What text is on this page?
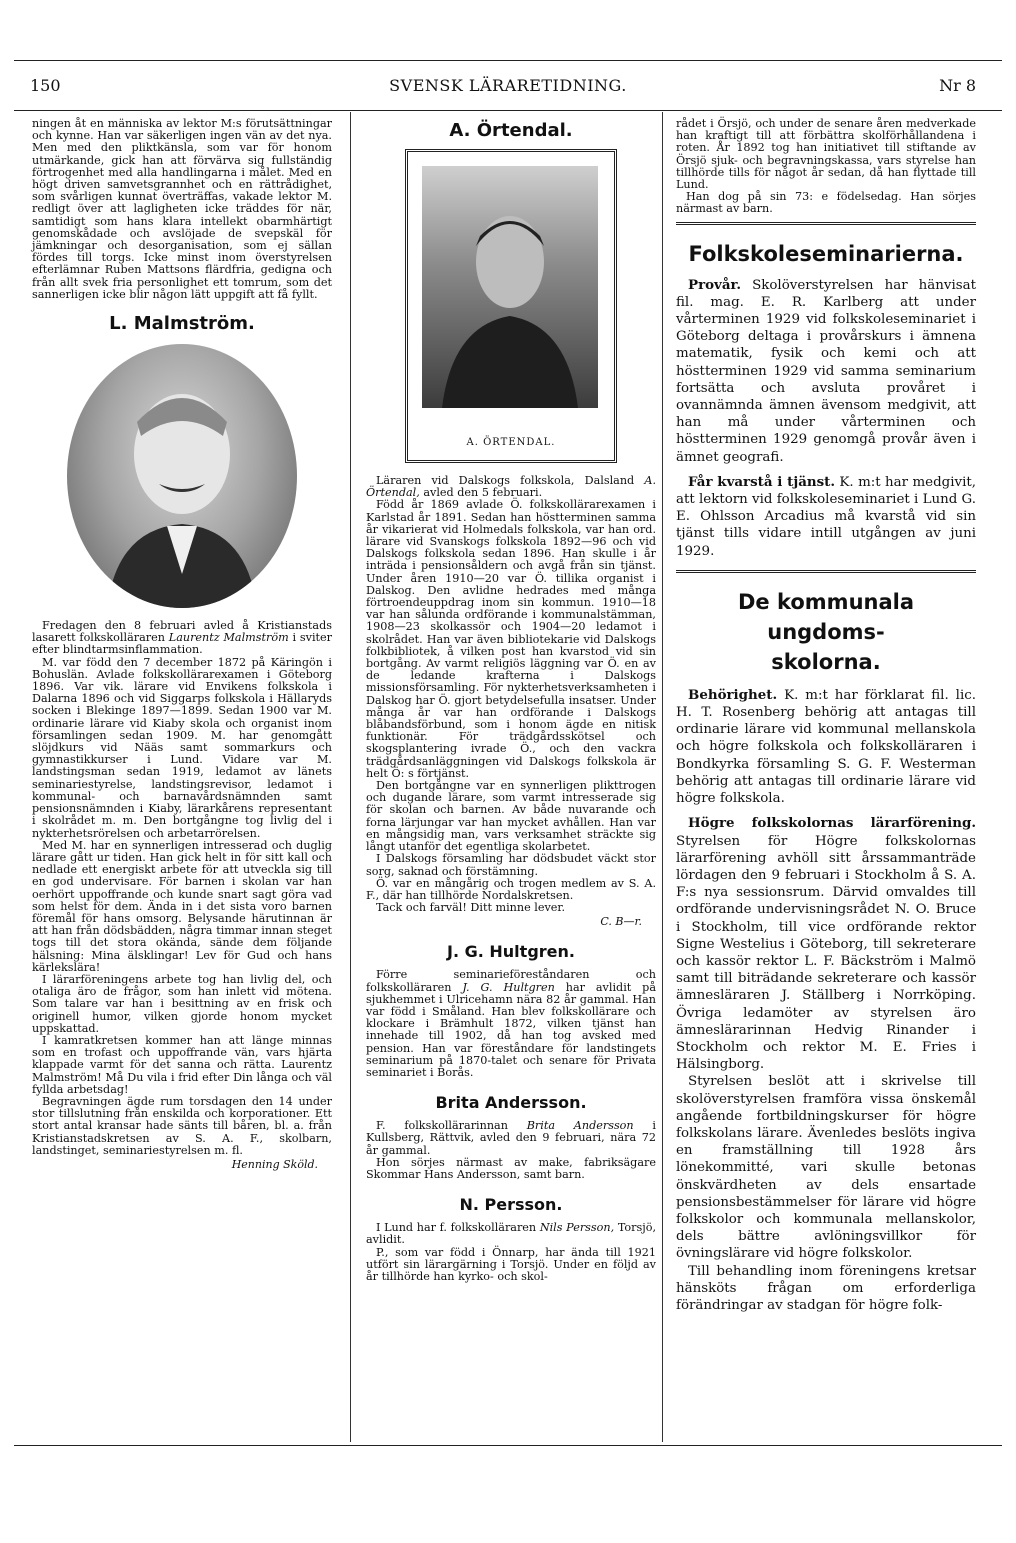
150	SVENSK LÄRARETIDNING.	Nr 8

ningen åt en människa av lektor M:s förutsättningar och kynne. Han var säkerligen ingen vän av det nya. Men med den pliktkänsla, som var för honom utmärkande, gick han att förvärva sig fullständig förtrogenhet med alla handlingarna i målet. Med en högt driven samvetsgrannhet och en rättrådighet, som svårligen kunnat överträffas, vakade lektor M. redligt över att lagligheten icke träddes för när, samtidigt som hans klara intellekt obarmhärtigt genomskådade och avslöjade de svepskäl för jämkningar och desorganisation, som ej sällan fördes till torgs. Icke minst inom överstyrelsen efterlämnar Ruben Mattsons flärdfria, gedigna och från allt svek fria personlighet ett tomrum, som det sannerligen icke blir någon lätt uppgift att få fyllt.

L. Malmström.

Fredagen den 8 februari avled å Kristianstads lasarett folkskolläraren Laurentz Malmström i sviter efter blindtarmsinflammation.

M. var född den 7 december 1872 på Käringön i Bohuslän. Avlade folkskollärarexamen i Göteborg 1896. Var vik. lärare vid Envikens folkskola i Dalarna 1896 och vid Siggarps folkskola i Hällaryds socken i Blekinge 1897—1899. Sedan 1900 var M. ordinarie lärare vid Kiaby skola och organist inom församlingen sedan 1909. M. har genomgått slöjdkurs vid Nääs samt sommarkurs och gymnastikkurser i Lund. Vidare var M. landstingsman sedan 1919, ledamot av länets seminariestyrelse, landstingsrevisor, ledamot i kommunal- och barnavårdsnämnden samt pensionsnämnden i Kiaby, lärarkårens representant i skolrådet m. m. Den bortgångne tog livlig del i nykterhetsrörelsen och arbetarrörelsen.

Med M. har en synnerligen intresserad och duglig lärare gått ur tiden. Han gick helt in för sitt kall och nedlade ett energiskt arbete för att utveckla sig till en god undervisare. För barnen i skolan var han oerhört uppoffrande och kunde snart sagt göra vad som helst för dem. Ända in i det sista voro barnen föremål för hans omsorg. Belysande härutinnan är att han från dödsbädden, några timmar innan steget togs till det stora okända, sände dem följande hälsning: Mina älsklingar! Lev för Gud och hans kärlekslära!

I lärarföreningens arbete tog han livlig del, och otaliga äro de frågor, som han inlett vid mötena. Som talare var han i besittning av en frisk och originell humor, vilken gjorde honom mycket uppskattad.

I kamratkretsen kommer han att länge minnas som en trofast och uppoffrande vän, vars hjärta klappade varmt för det sanna och rätta. Laurentz Malmström! Må Du vila i frid efter Din långa och väl fyllda arbetsdag!

Begravningen ägde rum torsdagen den 14 under stor tillslutning från enskilda och korporationer. Ett stort antal kransar hade sänts till båren, bl. a. från Kristianstadskretsen av S. A. F., skolbarn, landstinget, seminariestyrelsen m. fl.

Henning Sköld.
A. Örtendal.
A. ÖRTENDAL.

Läraren vid Dalskogs folkskola, Dalsland A. Örtendal, avled den 5 februari.

Född år 1869 avlade Ö. folkskollärarexamen i Karlstad år 1891. Sedan han höstterminen samma år vikarierat vid Holmedals folkskola, var han ord. lärare vid Svanskogs folkskola 1892—96 och vid Dalskogs folkskola sedan 1896. Han skulle i år inträda i pensionsåldern och avgå från sin tjänst. Under åren 1910—20 var Ö. tillika organist i Dalskog. Den avlidne hedrades med många förtroendeuppdrag inom sin kommun. 1910—18 var han sålunda ordförande i kommunalstämman, 1908—23 skolkassör och 1904—20 ledamot i skolrådet. Han var även bibliotekarie vid Dalskogs folkbibliotek, å vilken post han kvarstod vid sin bortgång. Av varmt religiös läggning var Ö. en av de ledande krafterna i Dalskogs missionsförsamling. För nykterhetsverksamheten i Dalskog har Ö. gjort betydelsefulla insatser. Under många år var han ordförande i Dalskogs blåbandsförbund, som i honom ägde en nitisk funktionär. För trädgårdsskötsel och skogsplantering ivrade Ö., och den vackra trädgårdsanläggningen vid Dalskogs folkskola är helt Ö: s förtjänst.

Den bortgångne var en synnerligen plikttrogen och dugande lärare, som varmt intresserade sig för skolan och barnen. Av både nuvarande och forna lärjungar var han mycket avhållen. Han var en mångsidig man, vars verksamhet sträckte sig långt utanför det egentliga skolarbetet.

I Dalskogs församling har dödsbudet väckt stor sorg, saknad och förstämning.

Ö. var en mångårig och trogen medlem av S. A. F., där han tillhörde Nordalskretsen.

Tack och farväl! Ditt minne lever.

C. B—r.
J. G. Hultgren.

Förre seminarieföreståndaren och folkskolläraren J. G. Hultgren har avlidit på sjukhemmet i Ulricehamn nära 82 år gammal. Han var född i Småland. Han blev folkskollärare och klockare i Brämhult 1872, vilken tjänst han innehade till 1902, då han tog avsked med pension. Han var föreståndare för landstingets seminarium på 1870-talet och senare för Privata seminariet i Borås.

Brita Andersson.

F. folkskollärarinnan Brita Andersson i Kullsberg, Rättvik, avled den 9 februari, nära 72 år gammal.

Hon sörjes närmast av make, fabriksägare Skommar Hans Andersson, samt barn.

N. Persson.

I Lund har f. folkskolläraren Nils Persson, Torsjö, avlidit.

P., som var född i Önnarp, har ända till 1921 utfört sin lärargärning i Torsjö. Under en följd av år tillhörde han kyrko- och skol-

rådet i Örsjö, och under de senare åren medverkade han kraftigt till att förbättra skolförhållandena i roten. År 1892 tog han initiativet till stiftande av Örsjö sjuk- och begravningskassa, vars styrelse han tillhörde tills för något år sedan, då han flyttade till Lund.

Han dog på sin 73: e födelsedag. Han sörjes närmast av barn.

Folkskoleseminarierna.

Provår. Skolöverstyrelsen har hänvisat fil. mag. E. R. Karlberg att under vårterminen 1929 vid folkskoleseminariet i Göteborg deltaga i provårskurs i ämnena matematik, fysik och kemi och att höstterminen 1929 vid samma seminarium fortsätta och avsluta provåret i ovannämnda ämnen ävensom medgivit, att han må under vårterminen och höstterminen 1929 genomgå provår även i ämnet geografi.

Får kvarstå i tjänst. K. m:t har medgivit, att lektorn vid folkskoleseminariet i Lund G. E. Ohlsson Arcadius må kvarstå vid sin tjänst tills vidare intill utgången av juni 1929.

De kommunala ungdoms-
skolorna.

Behörighet. K. m:t har förklarat fil. lic. H. T. Rosenberg behörig att antagas till ordinarie lärare vid kommunal mellanskola och högre folkskola och folkskolläraren i Bondkyrka församling S. G. F. Westerman behörig att antagas till ordinarie lärare vid högre folkskola.

Högre folkskolornas lärarförening. Styrelsen för Högre folkskolornas lärarförening avhöll sitt årssammanträde lördagen den 9 februari i Stockholm å S. A. F:s nya sessionsrum. Därvid omvaldes till ordförande undervisningsrådet N. O. Bruce i Stockholm, till vice ordförande rektor Signe Westelius i Göteborg, till sekreterare och kassör rektor L. F. Bäckström i Malmö samt till biträdande sekreterare och kassör ämnesläraren J. Ställberg i Norrköping. Övriga ledamöter av styrelsen äro ämneslärarinnan Hedvig Rinander i Stockholm och rektor M. E. Fries i Hälsingborg.

Styrelsen beslöt att i skrivelse till skolöverstyrelsen framföra vissa önskemål angående fortbildningskurser för högre folkskolans lärare. Ävenledes beslöts ingiva en framställning till 1928 års lönekommitté, vari skulle betonas önskvärdheten av dels ensartade pensionsbestämmelser för lärare vid högre folkskolor och kommunala mellanskolor, dels bättre avlöningsvillkor för övningslärare vid högre folkskolor.

Till behandling inom föreningens kretsar hänsköts frågan om erforderliga förändringar av stadgan för högre folk-
